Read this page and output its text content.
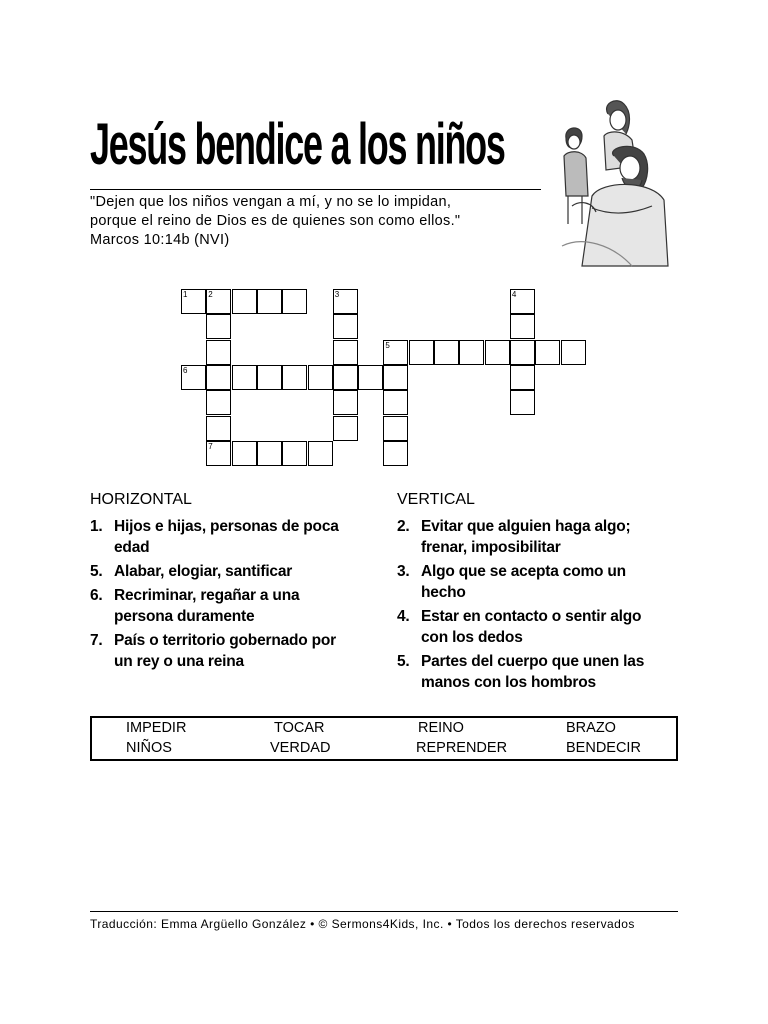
Jesús bendice a los niños
"Dejen que los niños vengan a mí, y no se lo impidan,
porque el reino de Dios es de quienes son como ellos."
Marcos 10:14b (NVI)
1	2	3	4
5
6
7
HORIZONTAL
1. Hijos e hijas, personas de poca
edad
5. Alabar, elogiar, santificar
6. Recriminar, regañar a una
persona duramente
7. País o territorio gobernado por
un rey o una reina
VERTICAL
2. Evitar que alguien haga algo;
frenar, imposibilitar
3. Algo que se acepta como un
hecho
4. Estar en contacto o sentir algo
con los dedos
5. Partes del cuerpo que unen las
manos con los hombros
IMPEDIR	TOCAR	REINO	BRAZO
NIÑOS	VERDAD	REPRENDER	BENDECIR
Traducción: Emma Argüello González • © Sermons4Kids, Inc. • Todos los derechos reservados
